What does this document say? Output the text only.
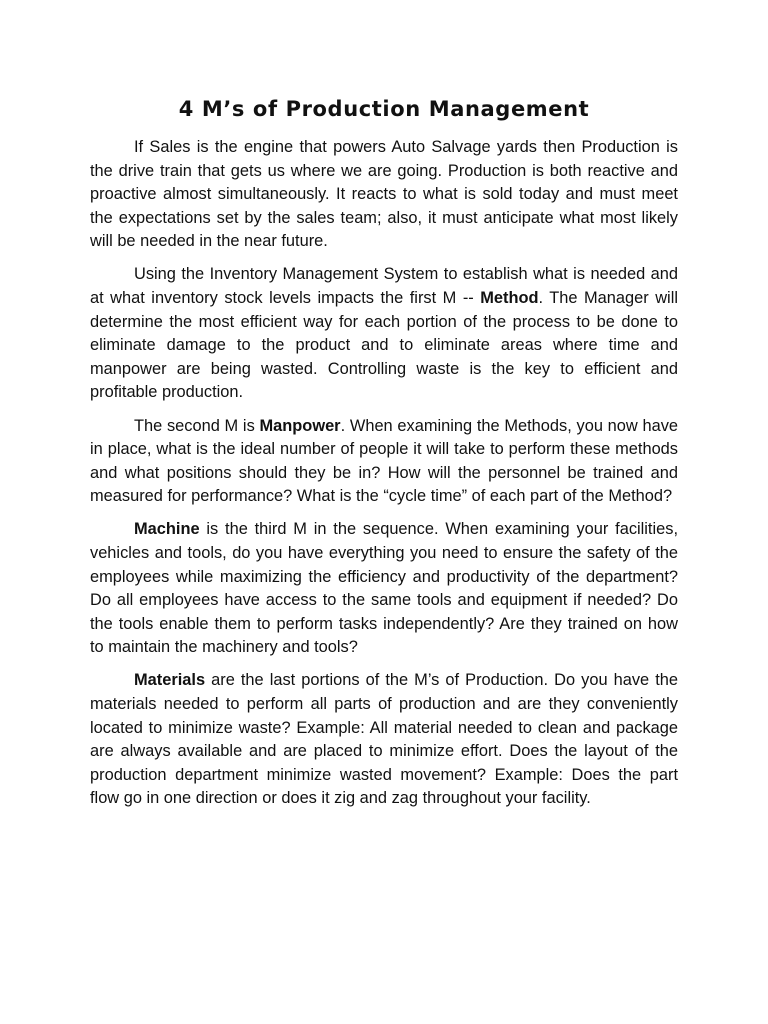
4 M’s of Production Management

If Sales is the engine that powers Auto Salvage yards then Production is the drive train that gets us where we are going. Production is both reactive and proactive almost simultaneously. It reacts to what is sold today and must meet the expectations set by the sales team; also, it must anticipate what most likely will be needed in the near future.

Using the Inventory Management System to establish what is needed and at what inventory stock levels impacts the first M -- Method. The Manager will determine the most efficient way for each portion of the process to be done to eliminate damage to the product and to eliminate areas where time and manpower are being wasted. Controlling waste is the key to efficient and profitable production.

The second M is Manpower. When examining the Methods, you now have in place, what is the ideal number of people it will take to perform these methods and what positions should they be in? How will the personnel be trained and measured for performance? What is the “cycle time” of each part of the Method?

Machine is the third M in the sequence. When examining your facilities, vehicles and tools, do you have everything you need to ensure the safety of the employees while maximizing the efficiency and productivity of the department? Do all employees have access to the same tools and equipment if needed? Do the tools enable them to perform tasks independently? Are they trained on how to maintain the machinery and tools?

Materials are the last portions of the M’s of Production. Do you have the materials needed to perform all parts of production and are they conveniently located to minimize waste? Example: All material needed to clean and package are always available and are placed to minimize effort. Does the layout of the production department minimize wasted movement? Example: Does the part flow go in one direction or does it zig and zag throughout your facility.
